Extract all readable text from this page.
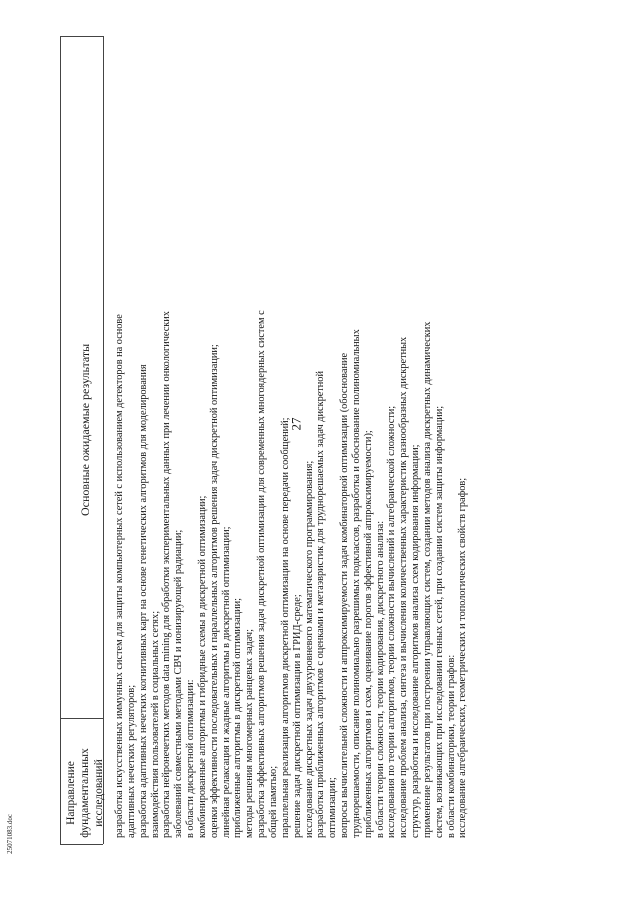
27
Направление фундаментальных исследований
Основные ожидаемые результаты разработка искусственных иммунных систем для защиты компьютерных сетей с использованием детекторов на основе адаптивных нечетких регуляторов; разработка адаптивных нечетких когнитивных карт на основе генетических алгоритмов для моделирования взаимодействия пользователей в социальных сетях; разработка нейронечетких методов data mining для обработки экспериментальных данных при лечении онкологических заболеваний совместными методами СВЧ и ионизирующей радиации; в области дискретной оптимизации: комбинированные алгоритмы и гибридные схемы в дискретной оптимизации; оценки эффективности последовательных и параллельных алгоритмов решения задач дискретной оптимизации; линейная релаксация и жадные алгоритмы в дискретной оптимизации; приближенные алгоритмы в дискретной оптимизации; методы решения многомерных ранцевых задач; разработка эффективных алгоритмов решения задач дискретной оптимизации для современных многоядерных систем с общей памятью; параллельная реализация алгоритмов дискретной оптимизации на основе передачи сообщений; решение задач дискретной оптимизации в ГРИД-среде; исследование дискретных задач двухуровневого математического программирования; разработка приближенных алгоритмов с оценками и метаэвристик для труднорешаемых задач дискретной оптимизации; вопросы вычислительной сложности и аппроксимируемости задач комбинаторной оптимизации (обоснование труднорешаемости, описание полиномиально разрешимых подклассов, разработка и обоснование полиномиальных приближенных алгоритмов и схем, оценивание порогов эффективной аппроксимируемости); в области теории сложности, теории кодирования, дискретного анализа: исследования по теории алгоритмов, теории сложности вычислений и алгебраической сложности; исследование проблем анализа, синтеза и вычисления количественных характеристик разнообразных дискретных структур, разработка и исследование алгоритмов анализа схем кодирования информации; применение результатов при построении управляющих систем, создании методов анализа дискретных динамических систем, возникающих при исследовании генных сетей, при создании систем защиты информации; в области комбинаторики, теории графов: исследование алгебраических, геометрических и топологических свойств графов;
25071083.doc
